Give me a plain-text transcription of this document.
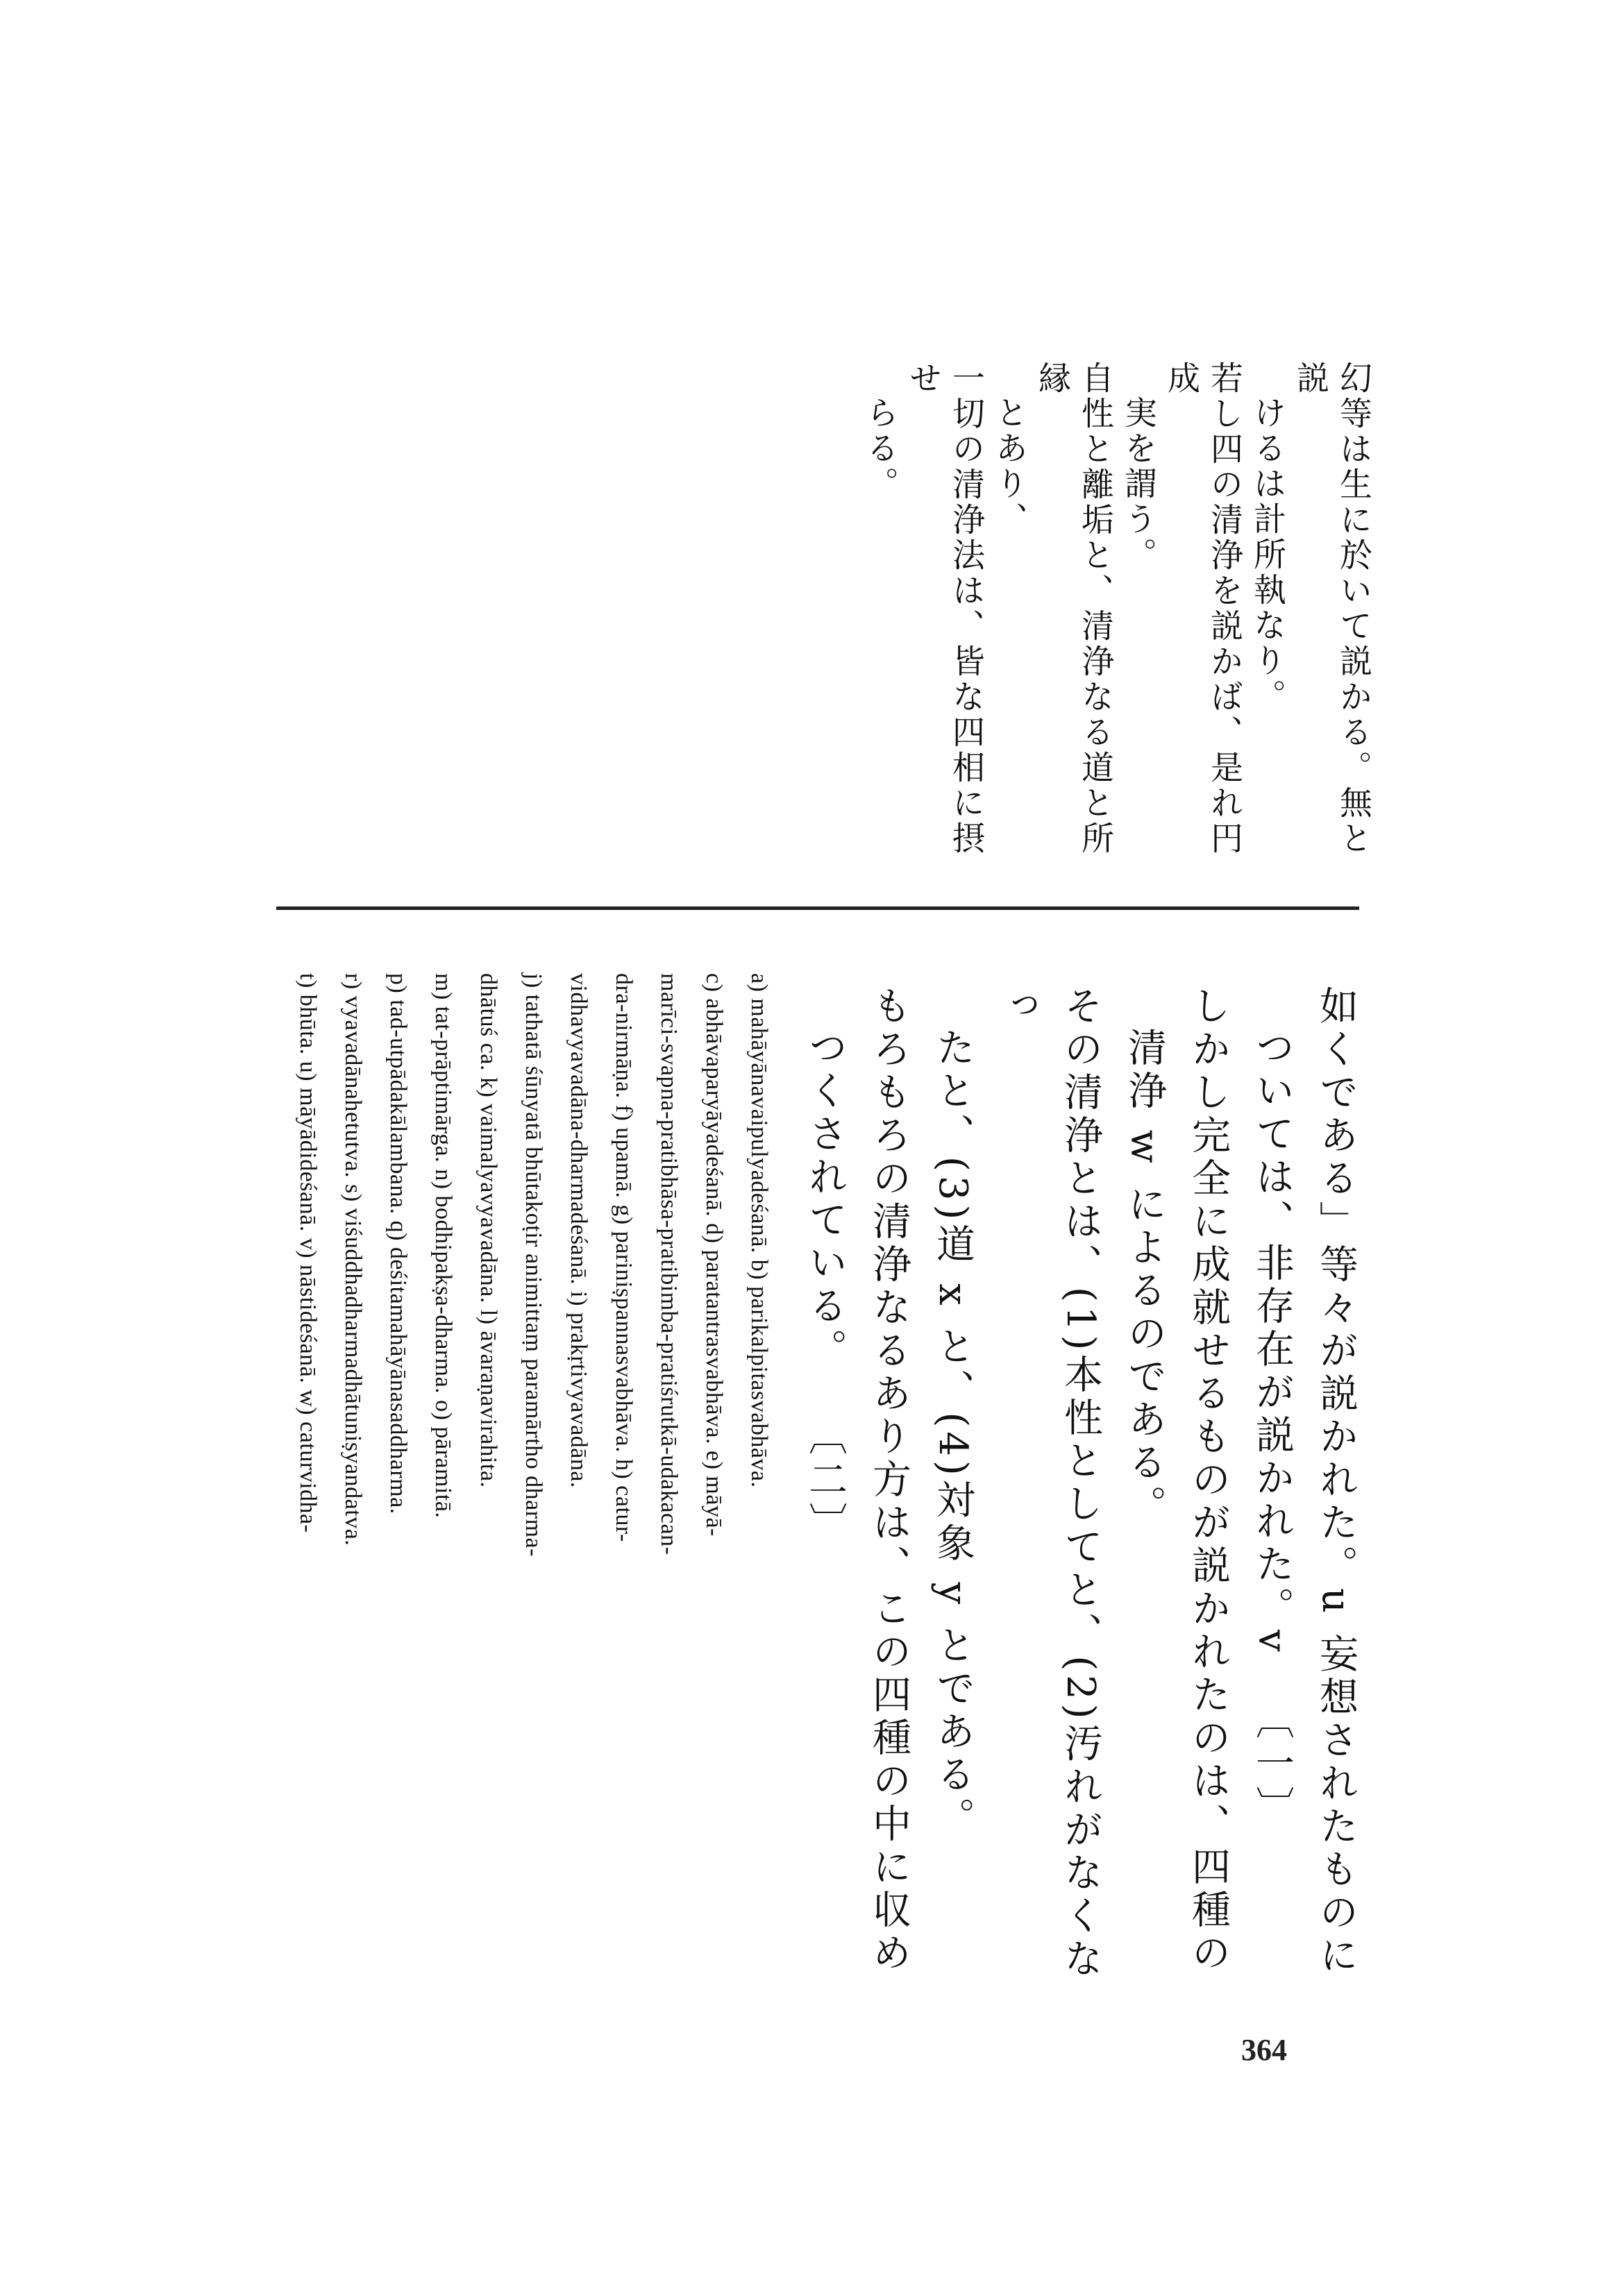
幻等は生に於いて説かる。無と説
けるは計所執なり。
若し四の清浄を説かば、是れ円成
実を謂う。
自性と離垢と、清浄なる道と所縁
とあり、
一切の清浄法は、皆な四相に摂せ
らる。
如くである」等々が説かれた。u 妄想されたものに
ついては、非存在が説かれた。v 〔一〕
しかし完全に成就せるものが説かれたのは、四種の
清浄 w によるのである。
その清浄とは、(1)本性としてと、(2)汚れがなくなっ
たと、(3)道 x と、(4)対象 y とである。
もろもろの清浄なるあり方は、この四種の中に収め
つくされている。 〔二〕
a) mahāyānavaipulyadeśanā. b) parikalpitasvabhāva.
c) abhāvaparyāyadeśanā. d) paratantrasvabhāva. e) māyā-
marīci-svapna-pratibhāsa-pratibimba-pratiśrutkā-udakacan-
dra-nirmāṇa. f) upamā. g) pariniṣpannasvabhāva. h) catur-
vidhavyavadāna-dharmadeśanā. i) prakṛtivyavadāna.
j) tathatā śūnyatā bhūtakoṭir animittaṃ paramārtho dharma-
dhātuś ca. k) vaimalyavyavadāna. l) āvaraṇavirahita.
m) tat-prāptimārga. n) bodhipakṣa-dharma. o) pāramitā.
p) tad-utpādakālambana. q) deśitamahāyānasaddharma.
r) vyavadānahetutva. s) viśuddhadharmadhātuniṣyandatva.
t) bhūta. u) māyādideśanā. v) nāstideśanā. w) caturvidha-
364
